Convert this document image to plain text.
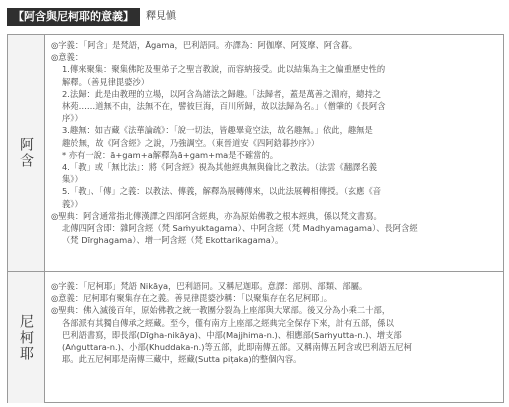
【阿含與尼柯耶的意義】	釋見愼
阿含

◎字義：「阿含」是梵語，Āgama，巴利語同。亦譯為：阿伽摩、阿笈摩、阿含暮。

◎意義：

1.傳來聚集：聚集佛陀及聖弟子之聖言教說，而容納接受。此以結集為主之偏重歷史性的

解釋。（善見律毘婆沙）

2.法歸：此是由教理的立場，以阿含為諸法之歸趣。「法歸者，蓋是萬善之淵府，總持之

林苑……道無不由，法無不在，譬彼巨海，百川所歸，故以法歸為名。」（僧肇的《長阿含

序》）

3.趣無：如吉藏《法華論疏》：「說一切法，皆趣畢竟空法，故名趣無。」依此，趣無是

趣於無，故《阿含經》之說，乃強調空。（東晉道安《四阿鋡暮抄序》）

* 亦有一說：ā+gam+a解釋為ā+gam+ma是不確當的。

4.「教」或「無比法」：將《阿含經》視為其他經典無與倫比之教法。（法雲《翻譯名義

集》）

5.「教」、「傳」之義：以教法、傳義，解釋為展轉傳來，以此法展轉相傳授。（玄應《音

義》）

◎聖典：阿含通常指北傳漢譯之四部阿含經典，亦為原始佛教之根本經典，係以梵文書寫。

北傳四阿含即：雜阿含經（梵 Saṁyuktagama）、中阿含經（梵 Madhyamagama）、長阿含經

（梵 Dīrghagama）、增一阿含經（梵 Ekottarikagama）。

尼柯耶

◎字義：「尼柯耶」梵語 Nikāya，巴利語同。又稱尼迦耶。意譯：部別、部類、部屬。

◎意義：尼柯耶有聚集存在之義。善見律毘婆沙稱：「以聚集存在名尼柯耶」。

◎聖典：佛入滅後百年，原始佛教之統一教團分裂為上座部與大眾部。後又分為小乘二十部，

各部派有其獨自傳承之經藏。至今，僅有南方上座部之經典完全保存下來，計有五部，係以

巴利語書寫，即長部(Dīgha-nikāya)、中部(Majjhima-n.)、相應部(Saṁyutta-n.)、增支部

(Aṅguttara-n.)、小部(Khuddaka-n.)等五部，此即南傳五部。又稱南傳五阿含或巴利語五尼柯

耶。此五尼柯耶是南傳三藏中，經藏(Sutta piṭaka)的整個內容。
